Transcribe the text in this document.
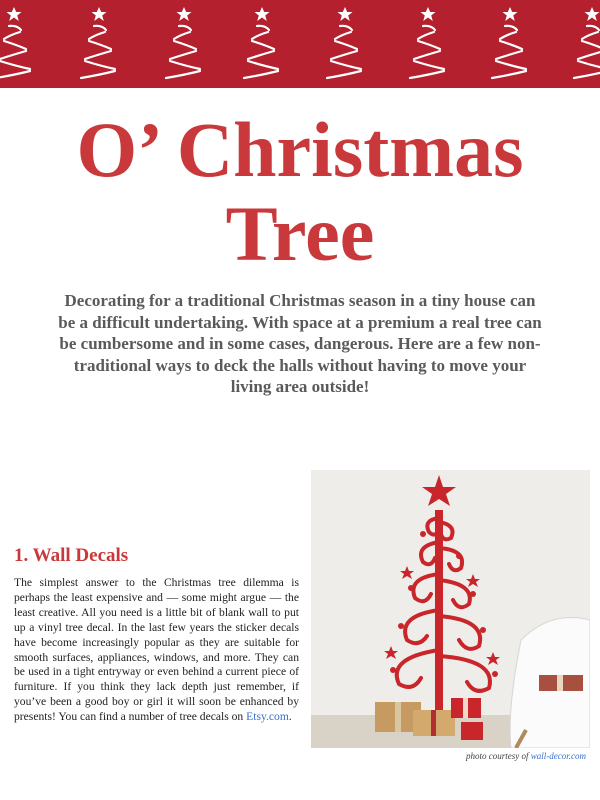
O’ Christmas
Tree

Decorating for a traditional Christmas season in a tiny house can be a difficult undertaking. With space at a premium a real tree can be cumbersome and in some cases, dangerous. Here are a few non-traditional ways to deck the halls without having to move your living area outside!

1. Wall Decals

The simplest answer to the Christmas tree dilemma is perhaps the least expensive and — some might argue — the least creative. All you need is a little bit of blank wall to put up a vinyl tree decal. In the last few years the sticker decals have become increasingly popular as they are suitable for smooth surfaces, appliances, windows, and more. They can be used in a tight entryway or even behind a current piece of furniture. If you think they lack depth just remember, if you’ve been a good boy or girl it will soon be enhanced by presents! You can find a number of tree decals on Etsy.com.

photo courtesy of wall-decor.com
